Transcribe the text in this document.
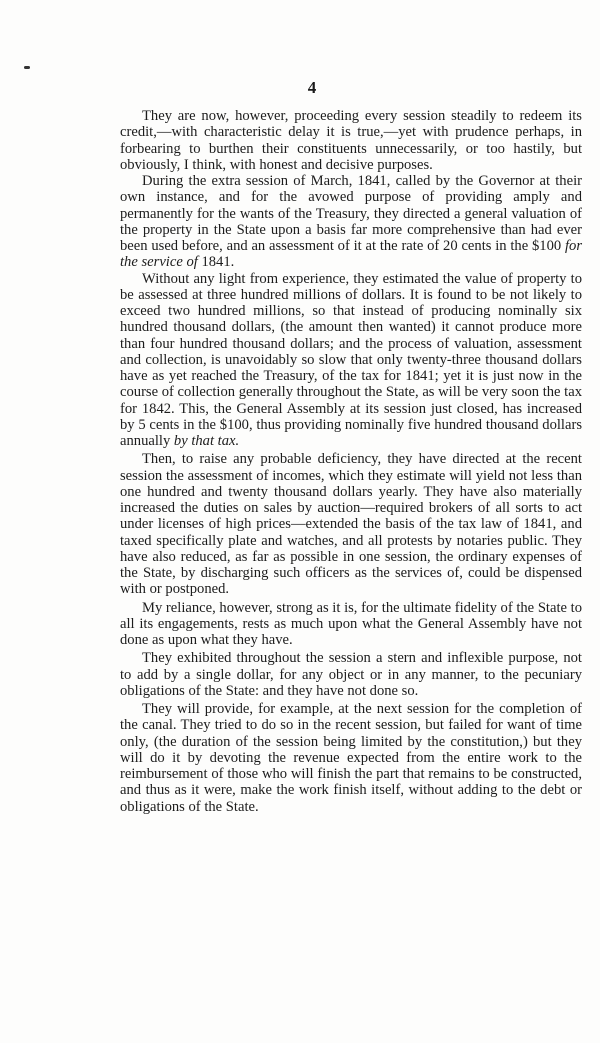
4

They are now, however, proceeding every session steadily to redeem its credit,—with characteristic delay it is true,—yet with prudence perhaps, in forbearing to burthen their constituents unnecessarily, or too hastily, but obviously, I think, with honest and decisive purposes.

During the extra session of March, 1841, called by the Governor at their own instance, and for the avowed purpose of providing amply and permanently for the wants of the Treasury, they directed a general valuation of the property in the State upon a basis far more comprehensive than had ever been used before, and an assessment of it at the rate of 20 cents in the $100 for the service of 1841.

Without any light from experience, they estimated the value of property to be assessed at three hundred millions of dollars. It is found to be not likely to exceed two hundred millions, so that instead of producing nominally six hundred thousand dollars, (the amount then wanted) it cannot produce more than four hundred thousand dollars; and the process of valuation, assessment and collection, is unavoidably so slow that only twenty-three thousand dollars have as yet reached the Treasury, of the tax for 1841; yet it is just now in the course of collection generally throughout the State, as will be very soon the tax for 1842. This, the General Assembly at its session just closed, has increased by 5 cents in the $100, thus providing nominally five hundred thousand dollars annually by that tax.

Then, to raise any probable deficiency, they have directed at the recent session the assessment of incomes, which they estimate will yield not less than one hundred and twenty thousand dollars yearly. They have also materially increased the duties on sales by auction—required brokers of all sorts to act under licenses of high prices—extended the basis of the tax law of 1841, and taxed specifically plate and watches, and all protests by notaries public. They have also reduced, as far as possible in one session, the ordinary expenses of the State, by discharging such officers as the services of, could be dispensed with or postponed.

My reliance, however, strong as it is, for the ultimate fidelity of the State to all its engagements, rests as much upon what the General Assembly have not done as upon what they have.

They exhibited throughout the session a stern and inflexible purpose, not to add by a single dollar, for any object or in any manner, to the pecuniary obligations of the State: and they have not done so.

They will provide, for example, at the next session for the completion of the canal. They tried to do so in the recent session, but failed for want of time only, (the duration of the session being limited by the constitution,) but they will do it by devoting the revenue expected from the entire work to the reimbursement of those who will finish the part that remains to be constructed, and thus as it were, make the work finish itself, without adding to the debt or obligations of the State.
